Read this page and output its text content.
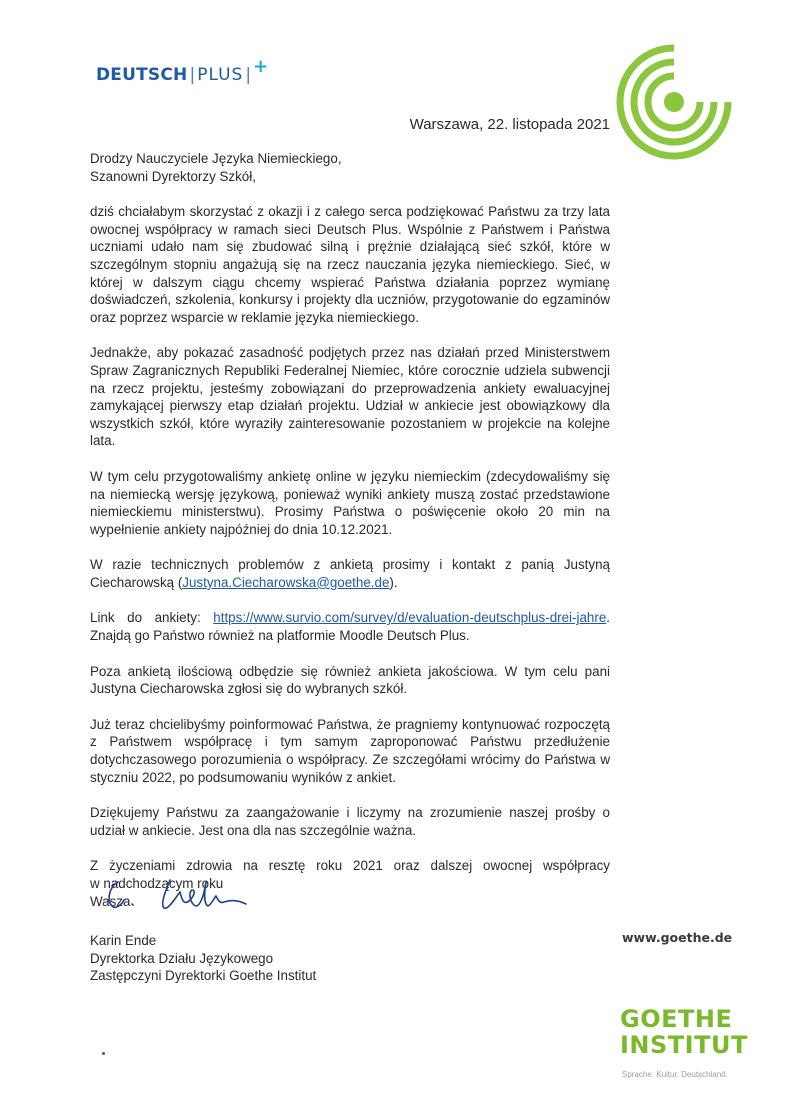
DEUTSCH | PLUS | +
Warszawa, 22. listopada 2021
Drodzy Nauczyciele Języka Niemieckiego,
Szanowni Dyrektorzy Szkół,

dziś chciałabym skorzystać z okazji i z całego serca podziękować Państwu za trzy lata owocnej współpracy w ramach sieci Deutsch Plus. Wspólnie z Państwem i Państwa uczniami udało nam się zbudować silną i prężnie działającą sieć szkół, które w szczególnym stopniu angażują się na rzecz nauczania języka niemieckiego. Sieć, w której w dalszym ciągu chcemy wspierać Państwa działania poprzez wymianę doświadczeń, szkolenia, konkursy i projekty dla uczniów, przygotowanie do egzaminów oraz poprzez wsparcie w reklamie języka niemieckiego.

Jednakże, aby pokazać zasadność podjętych przez nas działań przed Ministerstwem Spraw Zagranicznych Republiki Federalnej Niemiec, które corocznie udziela subwencji na rzecz projektu, jesteśmy zobowiązani do przeprowadzenia ankiety ewaluacyjnej zamykającej pierwszy etap działań projektu. Udział w ankiecie jest obowiązkowy dla wszystkich szkół, które wyraziły zainteresowanie pozostaniem w projekcie na kolejne lata.

W tym celu przygotowaliśmy ankietę online w języku niemieckim (zdecydowaliśmy się na niemiecką wersję językową, ponieważ wyniki ankiety muszą zostać przedstawione niemieckiemu ministerstwu). Prosimy Państwa o poświęcenie około 20 min na wypełnienie ankiety najpóźniej do dnia 10.12.2021.

W razie technicznych problemów z ankietą prosimy i kontakt z panią Justyną Ciecharowską (Justyna.Ciecharowska@goethe.de).

Link do ankiety: https://www.survio.com/survey/d/evaluation-deutschplus-drei-jahre. Znajdą go Państwo również na platformie Moodle Deutsch Plus.

Poza ankietą ilościową odbędzie się również ankieta jakościowa. W tym celu pani Justyna Ciecharowska zgłosi się do wybranych szkół.

Już teraz chcielibyśmy poinformować Państwa, że pragniemy kontynuować rozpoczętą z Państwem współpracę i tym samym zaproponować Państwu przedłużenie dotychczasowego porozumienia o współpracy. Ze szczegółami wrócimy do Państwa w styczniu 2022, po podsumowaniu wyników z ankiet.

Dziękujemy Państwu za zaangażowanie i liczymy na zrozumienie naszej prośby o udział w ankiecie. Jest ona dla nas szczególnie ważna.

Z życzeniami zdrowia na resztę roku 2021 oraz dalszej owocnej współpracy
w nadchodzącym roku
Wasza
Karin Ende
Dyrektorka Działu Językowego
Zastępczyni Dyrektorki Goethe Institut
www.goethe.de
GOETHE
INSTITUT
Sprache. Kultur. Deutschland.
